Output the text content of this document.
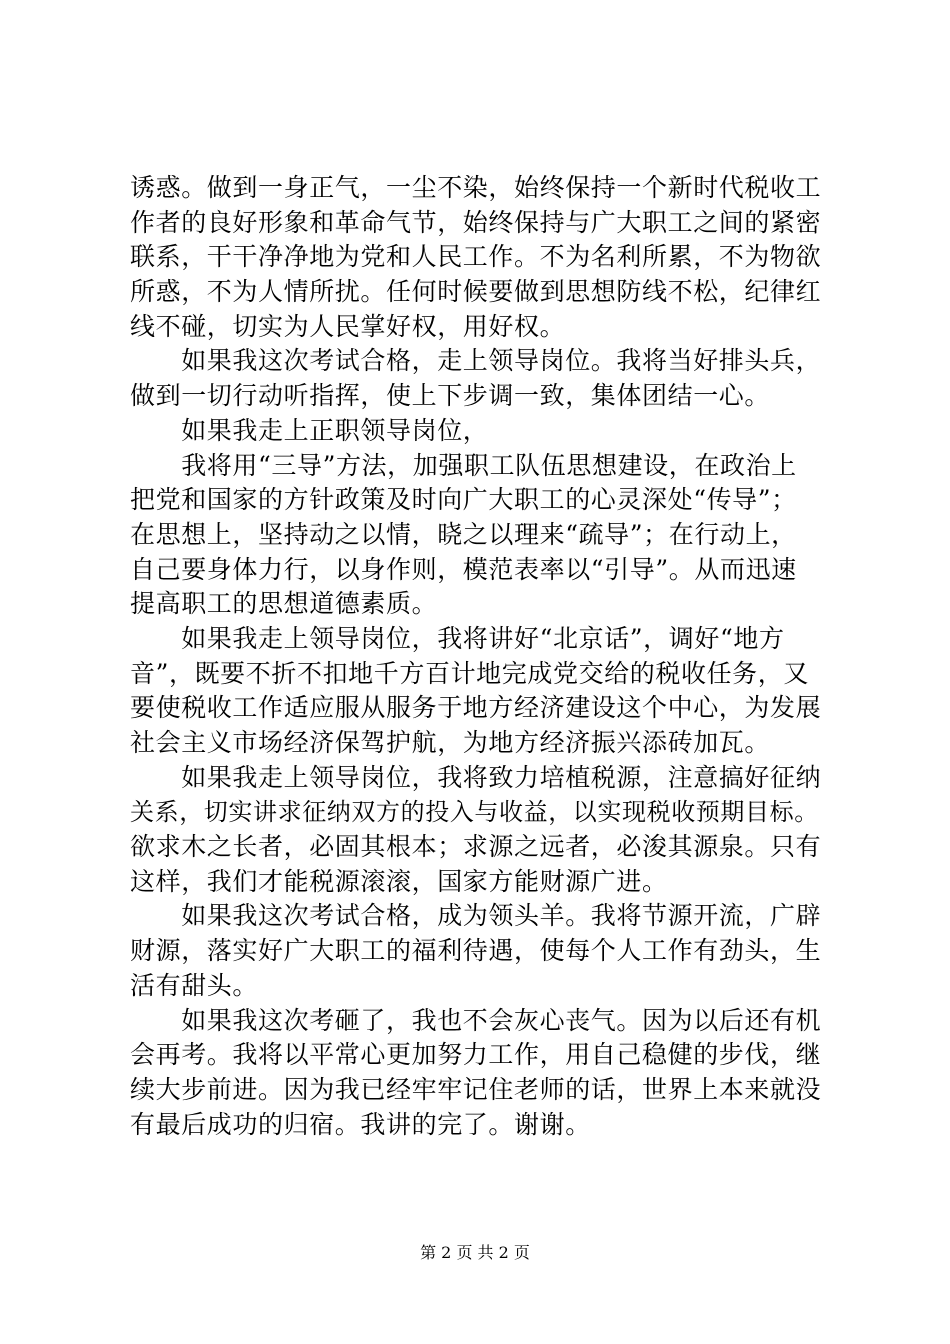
诱惑。做到一身正气，一尘不染，始终保持一个新时代税收工
作者的良好形象和革命气节，始终保持与广大职工之间的紧密
联系，干干净净地为党和人民工作。不为名利所累，不为物欲
所惑，不为人情所扰。任何时候要做到思想防线不松，纪律红
线不碰，切实为人民掌好权，用好权。
　　如果我这次考试合格，走上领导岗位。我将当好排头兵，
做到一切行动听指挥，使上下步调一致，集体团结一心。
　　如果我走上正职领导岗位，
　　我将用“三导”方法，加强职工队伍思想建设，在政治上
把党和国家的方针政策及时向广大职工的心灵深处“传导”；
在思想上，坚持动之以情，晓之以理来“疏导”；在行动上，
自己要身体力行，以身作则，模范表率以“引导”。从而迅速
提高职工的思想道德素质。
　　如果我走上领导岗位，我将讲好“北京话”，调好“地方
音”，既要不折不扣地千方百计地完成党交给的税收任务，又
要使税收工作适应服从服务于地方经济建设这个中心，为发展
社会主义市场经济保驾护航，为地方经济振兴添砖加瓦。
　　如果我走上领导岗位，我将致力培植税源，注意搞好征纳
关系，切实讲求征纳双方的投入与收益，以实现税收预期目标。
欲求木之长者，必固其根本；求源之远者，必浚其源泉。只有
这样，我们才能税源滚滚，国家方能财源广进。
　　如果我这次考试合格，成为领头羊。我将节源开流，广辟
财源，落实好广大职工的福利待遇，使每个人工作有劲头，生
活有甜头。
　　如果我这次考砸了，我也不会灰心丧气。因为以后还有机
会再考。我将以平常心更加努力工作，用自己稳健的步伐，继
续大步前进。因为我已经牢牢记住老师的话，世界上本来就没
有最后成功的归宿。我讲的完了。谢谢。
第 2 页 共 2 页
